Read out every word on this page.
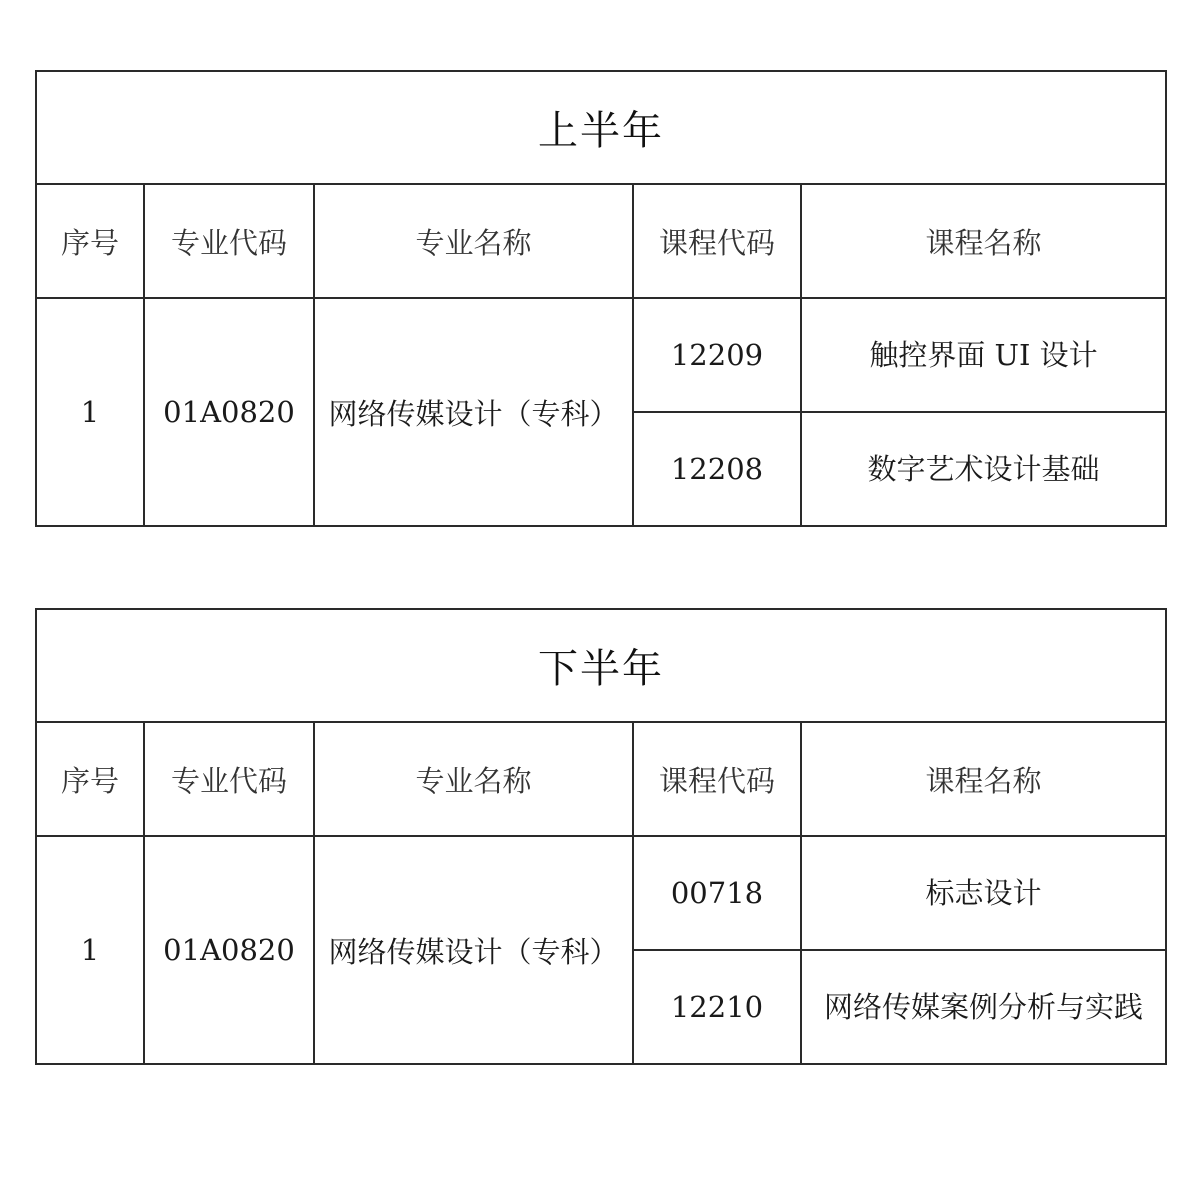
上半年				
序号	专业代码	专业名称	课程代码	课程名称
1	01A0820	网络传媒设计（专科）	12209	触控界面 UI 设计
			12208	数字艺术设计基础
下半年				
序号	专业代码	专业名称	课程代码	课程名称
1	01A0820	网络传媒设计（专科）	00718	标志设计
			12210	网络传媒案例分析与实践
